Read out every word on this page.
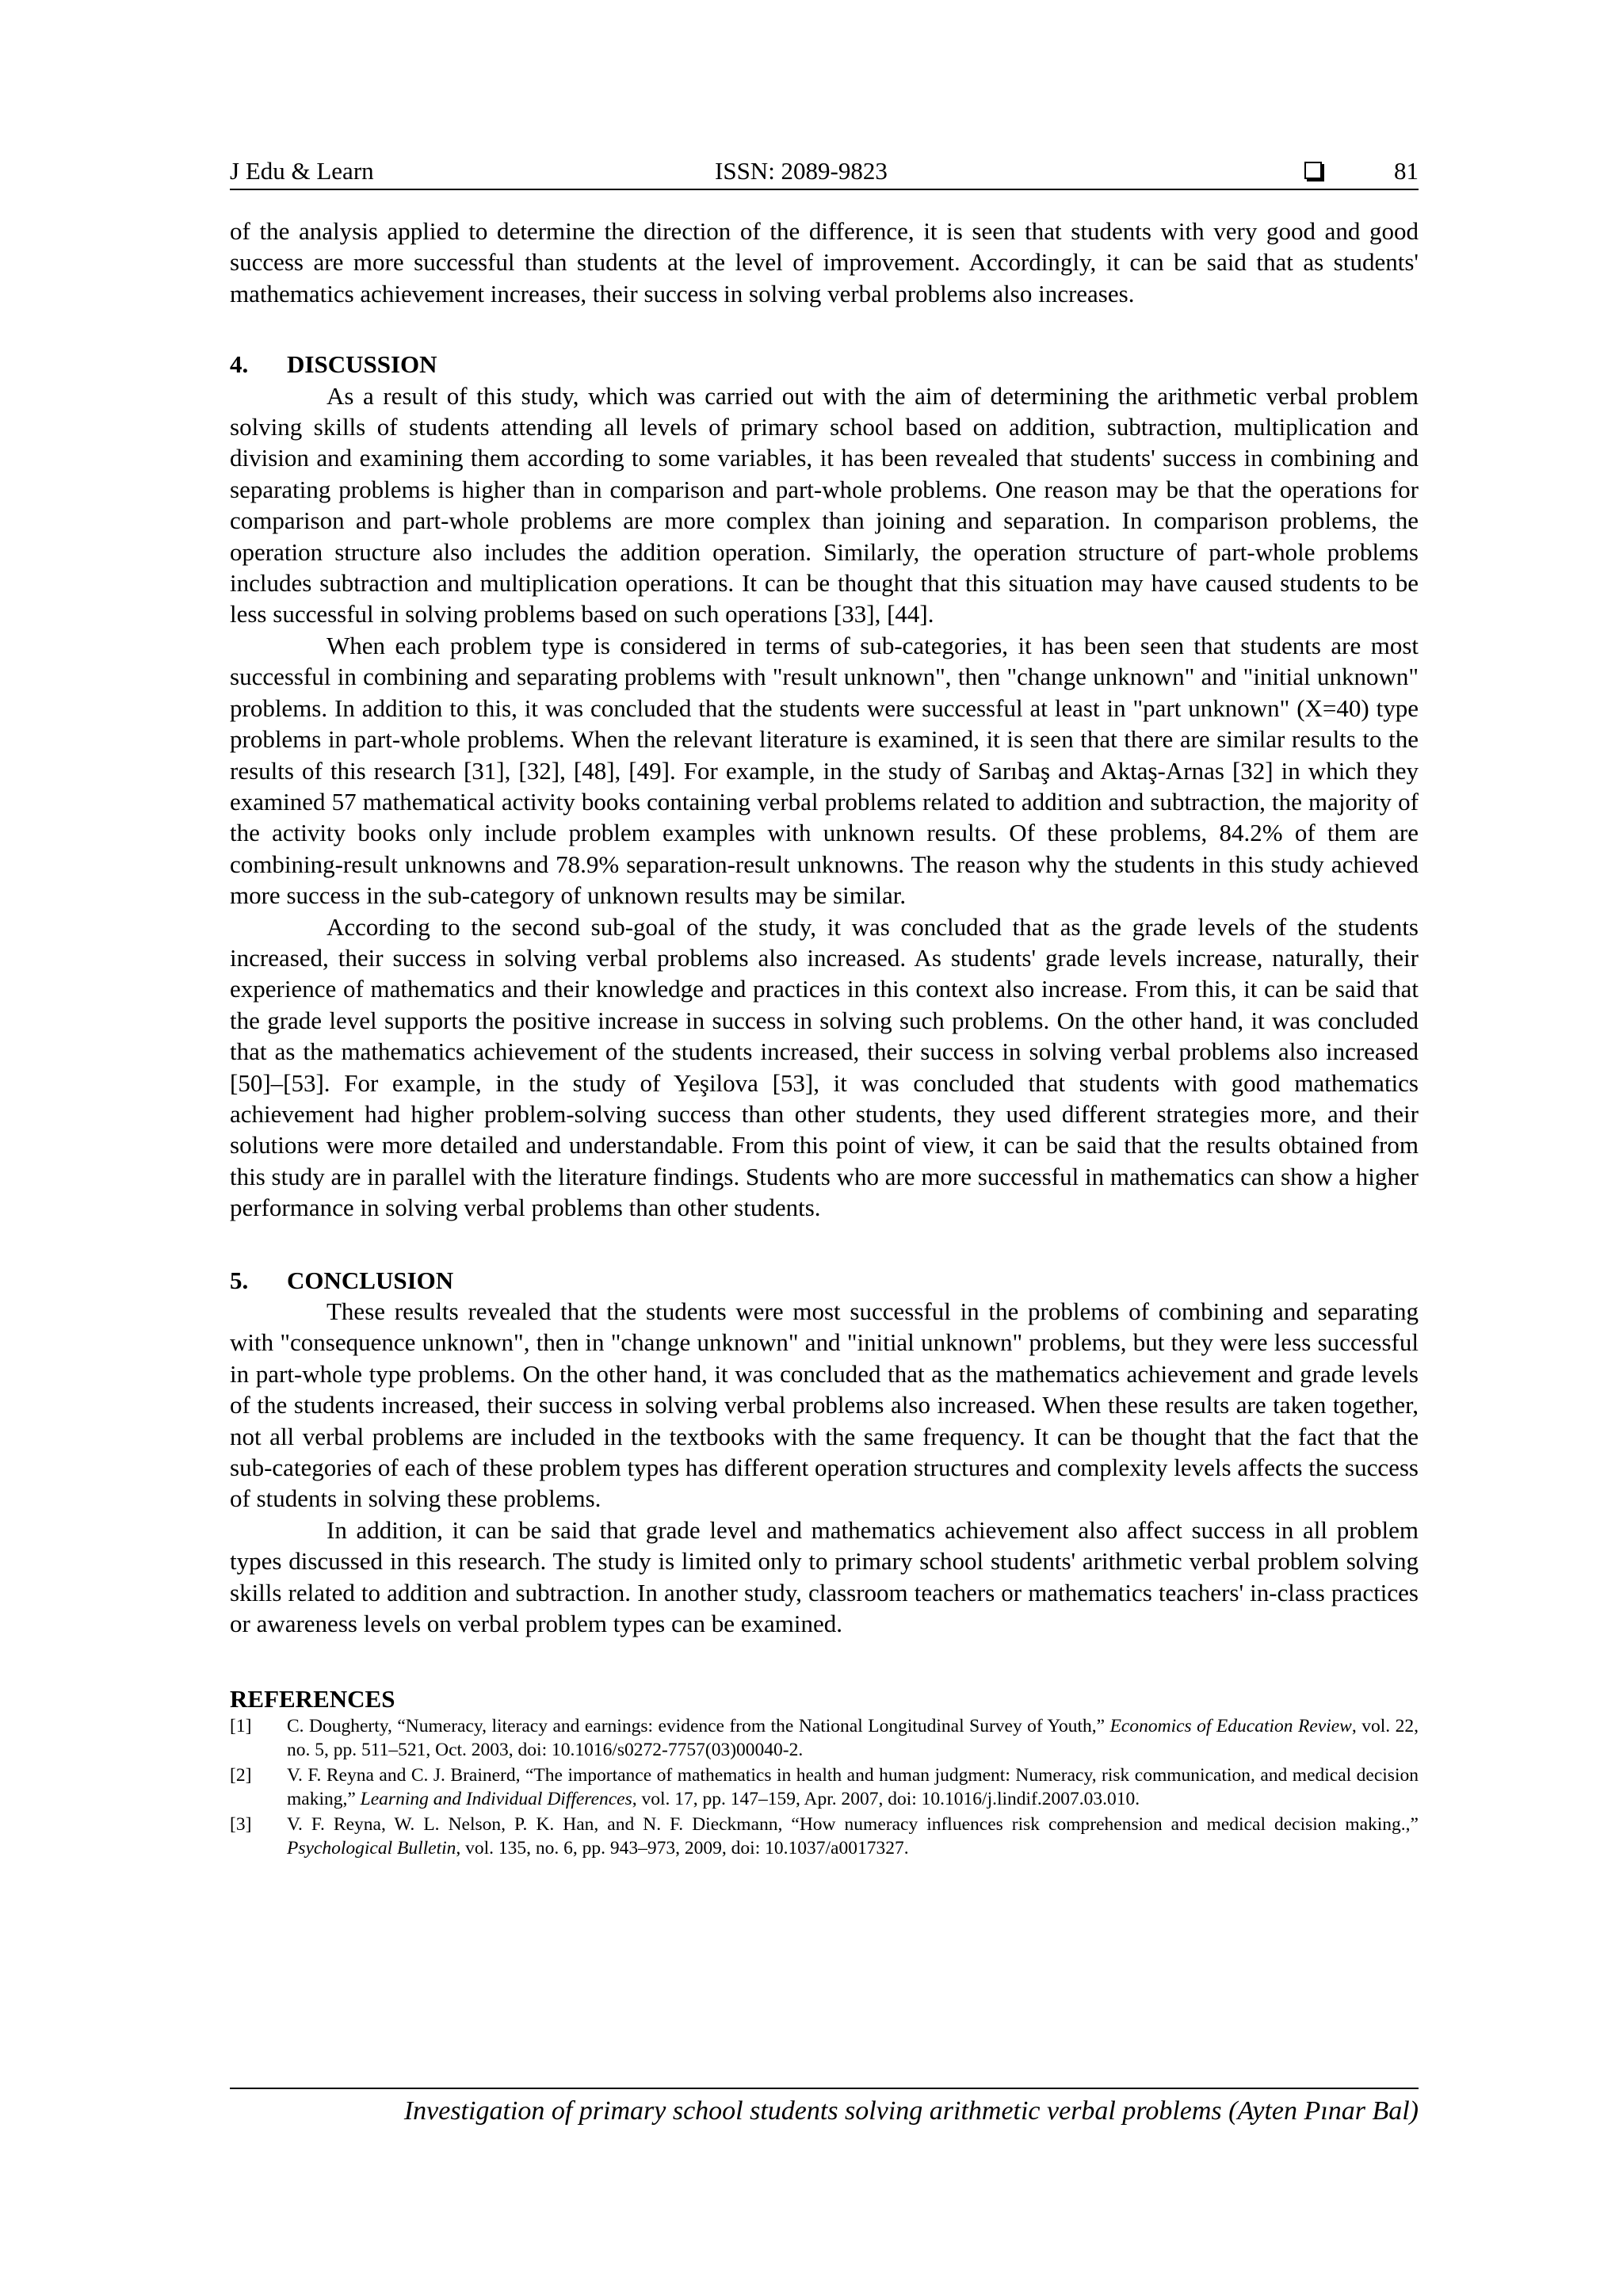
J Edu & Learn	ISSN: 2089-9823	81

of the analysis applied to determine the direction of the difference, it is seen that students with very good and good success are more successful than students at the level of improvement. Accordingly, it can be said that as students' mathematics achievement increases, their success in solving verbal problems also increases.

4. DISCUSSION

As a result of this study, which was carried out with the aim of determining the arithmetic verbal problem solving skills of students attending all levels of primary school based on addition, subtraction, multiplication and division and examining them according to some variables, it has been revealed that students' success in combining and separating problems is higher than in comparison and part-whole problems. One reason may be that the operations for comparison and part-whole problems are more complex than joining and separation. In comparison problems, the operation structure also includes the addition operation. Similarly, the operation structure of part-whole problems includes subtraction and multiplication operations. It can be thought that this situation may have caused students to be less successful in solving problems based on such operations [33], [44].

When each problem type is considered in terms of sub-categories, it has been seen that students are most successful in combining and separating problems with "result unknown", then "change unknown" and "initial unknown" problems. In addition to this, it was concluded that the students were successful at least in "part unknown" (X=40) type problems in part-whole problems. When the relevant literature is examined, it is seen that there are similar results to the results of this research [31], [32], [48], [49]. For example, in the study of Sarıbaş and Aktaş-Arnas [32] in which they examined 57 mathematical activity books containing verbal problems related to addition and subtraction, the majority of the activity books only include problem examples with unknown results. Of these problems, 84.2% of them are combining-result unknowns and 78.9% separation-result unknowns. The reason why the students in this study achieved more success in the sub-category of unknown results may be similar.

According to the second sub-goal of the study, it was concluded that as the grade levels of the students increased, their success in solving verbal problems also increased. As students' grade levels increase, naturally, their experience of mathematics and their knowledge and practices in this context also increase. From this, it can be said that the grade level supports the positive increase in success in solving such problems. On the other hand, it was concluded that as the mathematics achievement of the students increased, their success in solving verbal problems also increased [50]–[53]. For example, in the study of Yeşilova [53], it was concluded that students with good mathematics achievement had higher problem-solving success than other students, they used different strategies more, and their solutions were more detailed and understandable. From this point of view, it can be said that the results obtained from this study are in parallel with the literature findings. Students who are more successful in mathematics can show a higher performance in solving verbal problems than other students.

5. CONCLUSION

These results revealed that the students were most successful in the problems of combining and separating with "consequence unknown", then in "change unknown" and "initial unknown" problems, but they were less successful in part-whole type problems. On the other hand, it was concluded that as the mathematics achievement and grade levels of the students increased, their success in solving verbal problems also increased. When these results are taken together, not all verbal problems are included in the textbooks with the same frequency. It can be thought that the fact that the sub-categories of each of these problem types has different operation structures and complexity levels affects the success of students in solving these problems.

In addition, it can be said that grade level and mathematics achievement also affect success in all problem types discussed in this research. The study is limited only to primary school students' arithmetic verbal problem solving skills related to addition and subtraction. In another study, classroom teachers or mathematics teachers' in-class practices or awareness levels on verbal problem types can be examined.

REFERENCES
[1] C. Dougherty, “Numeracy, literacy and earnings: evidence from the National Longitudinal Survey of Youth,” Economics of Education Review, vol. 22, no. 5, pp. 511–521, Oct. 2003, doi: 10.1016/s0272-7757(03)00040-2.
[2] V. F. Reyna and C. J. Brainerd, “The importance of mathematics in health and human judgment: Numeracy, risk communication, and medical decision making,” Learning and Individual Differences, vol. 17, pp. 147–159, Apr. 2007, doi: 10.1016/j.lindif.2007.03.010.
[3] V. F. Reyna, W. L. Nelson, P. K. Han, and N. F. Dieckmann, “How numeracy influences risk comprehension and medical decision making.,” Psychological Bulletin, vol. 135, no. 6, pp. 943–973, 2009, doi: 10.1037/a0017327.
Investigation of primary school students solving arithmetic verbal problems (Ayten Pınar Bal)
